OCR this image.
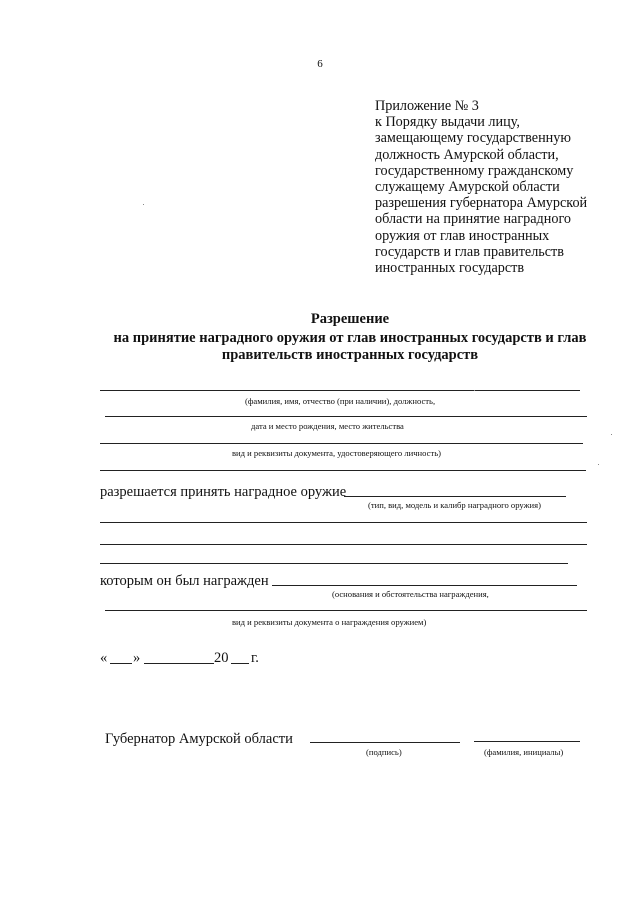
6
Приложение № 3
к Порядку выдачи лицу,
замещающему государственную
должность Амурской области,
государственному гражданскому
служащему Амурской области
разрешения губернатора Амурской
области на принятие наградного
оружия от глав иностранных
государств и глав правительств
иностранных государств
Разрешение
на принятие наградного оружия от глав иностранных государств и глав
правительств иностранных государств
(фамилия, имя, отчество (при наличии), должность,
дата и место рождения, место жительства
вид и реквизиты документа, удостоверяющего личность)
разрешается принять наградное оружие
(тип, вид, модель и калибр наградного оружия)
которым он был награжден
(основания и обстоятельства награждения,
вид и реквизиты документа о награждения оружием)
« »	20 г.
Губернатор Амурской области
(подпись)	(фамилия, инициалы)
